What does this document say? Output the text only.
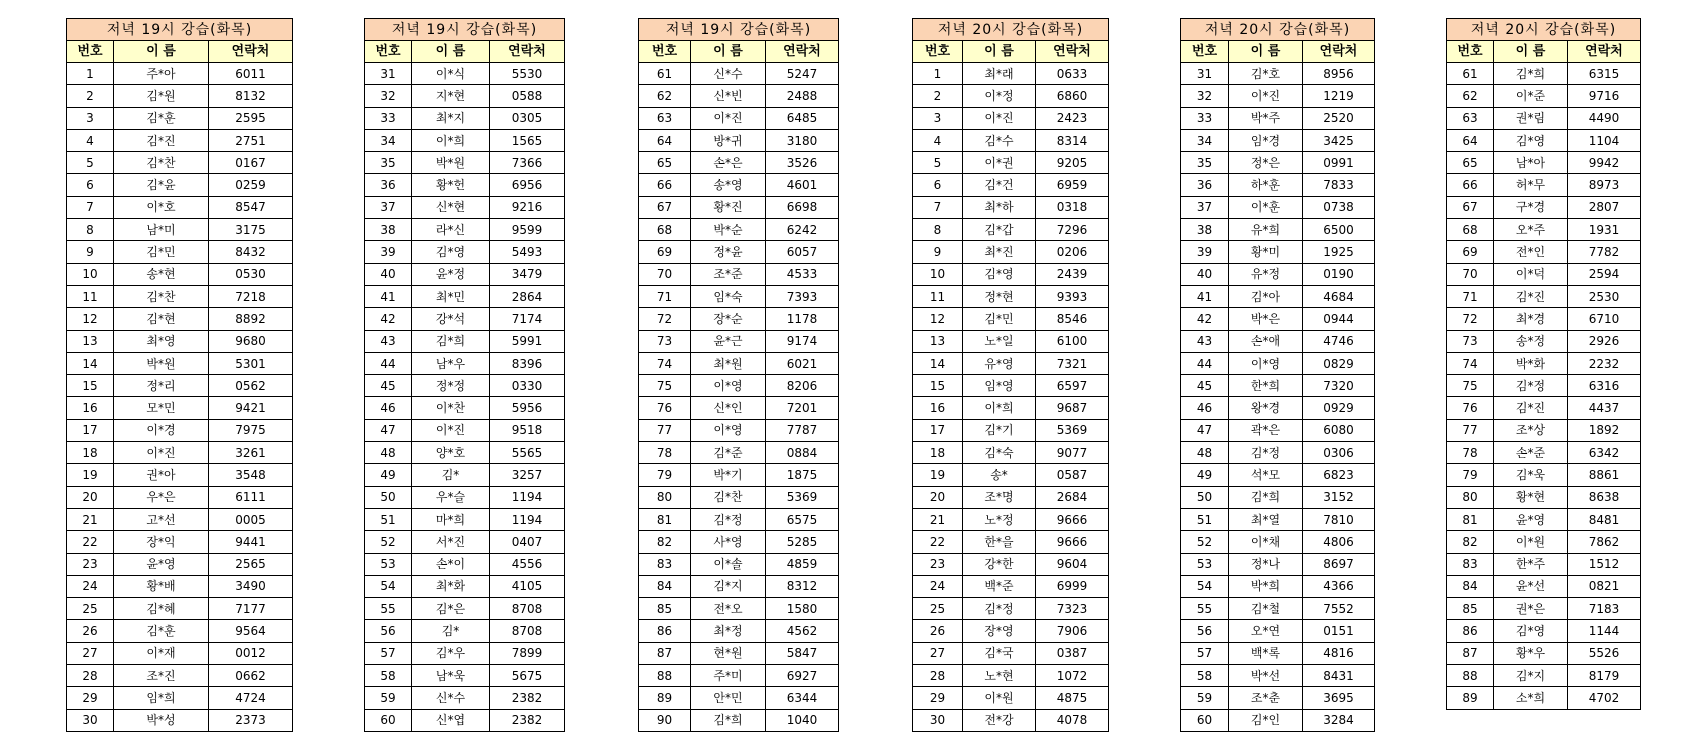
저녁 19시 강습(화목)		
번호	이 름	연락처
1	주*아	6011
2	김*원	8132
3	김*훈	2595
4	김*진	2751
5	김*찬	0167
6	김*윤	0259
7	이*호	8547
8	남*미	3175
9	김*민	8432
10	송*현	0530
11	김*찬	7218
12	김*현	8892
13	최*영	9680
14	박*원	5301
15	정*리	0562
16	모*민	9421
17	이*경	7975
18	이*진	3261
19	권*아	3548
20	우*은	6111
21	고*선	0005
22	장*익	9441
23	윤*영	2565
24	황*배	3490
25	김*혜	7177
26	김*훈	9564
27	이*재	0012
28	조*진	0662
29	임*희	4724
30	박*성	2373
저녁 19시 강습(화목)		
번호	이 름	연락처
31	이*식	5530
32	지*현	0588
33	최*지	0305
34	이*희	1565
35	박*원	7366
36	황*헌	6956
37	신*현	9216
38	라*신	9599
39	김*영	5493
40	윤*정	3479
41	최*민	2864
42	강*석	7174
43	김*희	5991
44	남*우	8396
45	정*정	0330
46	이*찬	5956
47	이*진	9518
48	양*호	5565
49	김*	3257
50	우*슬	1194
51	마*희	1194
52	서*진	0407
53	손*이	4556
54	최*화	4105
55	김*은	8708
56	김*	8708
57	김*우	7899
58	남*욱	5675
59	신*수	2382
60	신*엽	2382
저녁 19시 강습(화목)		
번호	이 름	연락처
61	신*수	5247
62	신*빈	2488
63	이*진	6485
64	방*귀	3180
65	손*은	3526
66	송*영	4601
67	황*진	6698
68	박*순	6242
69	정*윤	6057
70	조*준	4533
71	임*숙	7393
72	장*순	1178
73	윤*근	9174
74	최*원	6021
75	이*영	8206
76	신*인	7201
77	이*영	7787
78	김*준	0884
79	박*기	1875
80	김*찬	5369
81	김*정	6575
82	사*영	5285
83	이*솔	4859
84	김*지	8312
85	전*오	1580
86	최*정	4562
87	현*원	5847
88	주*미	6927
89	안*민	6344
90	김*희	1040
저녁 20시 강습(화목)		
번호	이 름	연락처
1	최*래	0633
2	이*정	6860
3	이*진	2423
4	김*수	8314
5	이*권	9205
6	김*건	6959
7	최*하	0318
8	김*갑	7296
9	최*진	0206
10	김*영	2439
11	정*현	9393
12	김*민	8546
13	노*일	6100
14	유*영	7321
15	임*영	6597
16	이*희	9687
17	김*기	5369
18	김*숙	9077
19	송*	0587
20	조*명	2684
21	노*정	9666
22	한*을	9666
23	강*한	9604
24	백*준	6999
25	김*정	7323
26	장*영	7906
27	김*국	0387
28	노*현	1072
29	이*원	4875
30	전*강	4078
저녁 20시 강습(화목)		
번호	이 름	연락처
31	김*호	8956
32	이*진	1219
33	박*주	2520
34	임*경	3425
35	정*은	0991
36	하*훈	7833
37	이*훈	0738
38	유*희	6500
39	황*미	1925
40	유*정	0190
41	김*아	4684
42	박*은	0944
43	손*애	4746
44	이*영	0829
45	한*희	7320
46	왕*경	0929
47	곽*은	6080
48	김*정	0306
49	석*모	6823
50	김*희	3152
51	최*열	7810
52	이*채	4806
53	정*나	8697
54	박*희	4366
55	김*철	7552
56	오*연	0151
57	백*록	4816
58	박*선	8431
59	조*춘	3695
60	김*인	3284
저녁 20시 강습(화목)		
번호	이 름	연락처
61	김*희	6315
62	이*준	9716
63	권*림	4490
64	김*영	1104
65	남*아	9942
66	허*무	8973
67	구*경	2807
68	오*주	1931
69	전*인	7782
70	이*덕	2594
71	김*진	2530
72	최*경	6710
73	송*정	2926
74	박*화	2232
75	김*정	6316
76	김*진	4437
77	조*상	1892
78	손*준	6342
79	김*욱	8861
80	황*현	8638
81	윤*영	8481
82	이*원	7862
83	한*주	1512
84	윤*선	0821
85	권*은	7183
86	김*영	1144
87	황*우	5526
88	김*지	8179
89	소*희	4702
